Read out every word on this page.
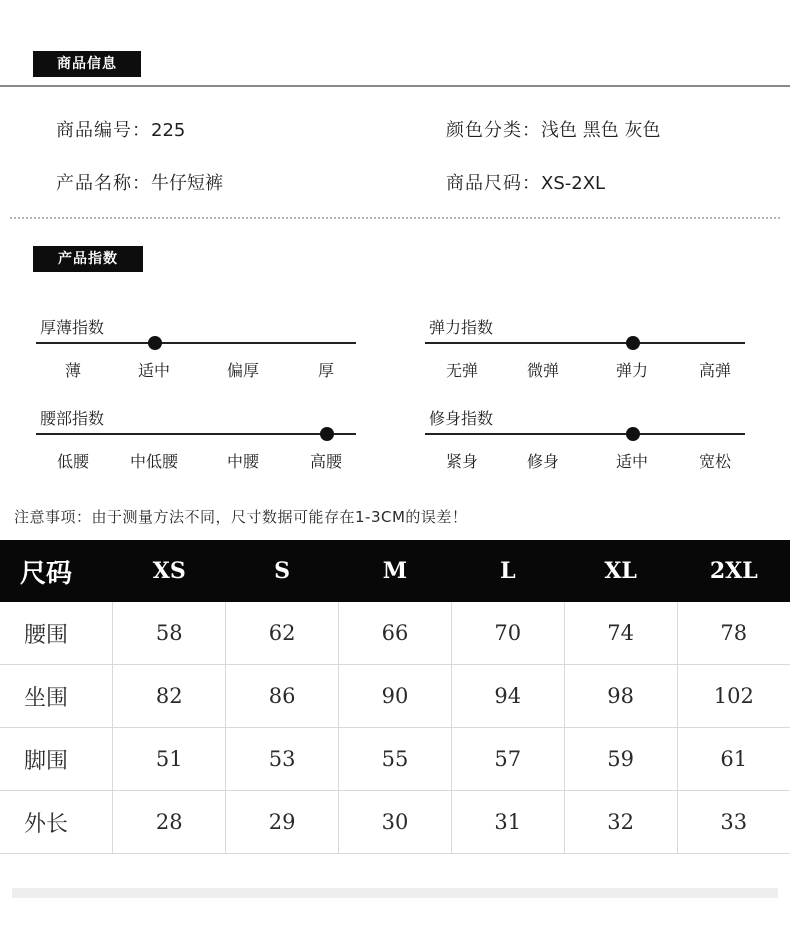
商品信息
商品编号：225	颜色分类：浅色 黑色 灰色
产品名称：牛仔短裤	商品尺码：XS-2XL
产品指数
厚薄指数
薄	适中	偏厚	厚
弹力指数
无弹	微弹	弹力	高弹
腰部指数
低腰	中低腰	中腰	高腰
修身指数
紧身	修身	适中	宽松
注意事项：由于测量方法不同，尺寸数据可能存在1-3CM的误差！
尺码	XS	S	M	L	XL	2XL
腰围	58	62	66	70	74	78
坐围	82	86	90	94	98	102
脚围	51	53	55	57	59	61
外长	28	29	30	31	32	33
